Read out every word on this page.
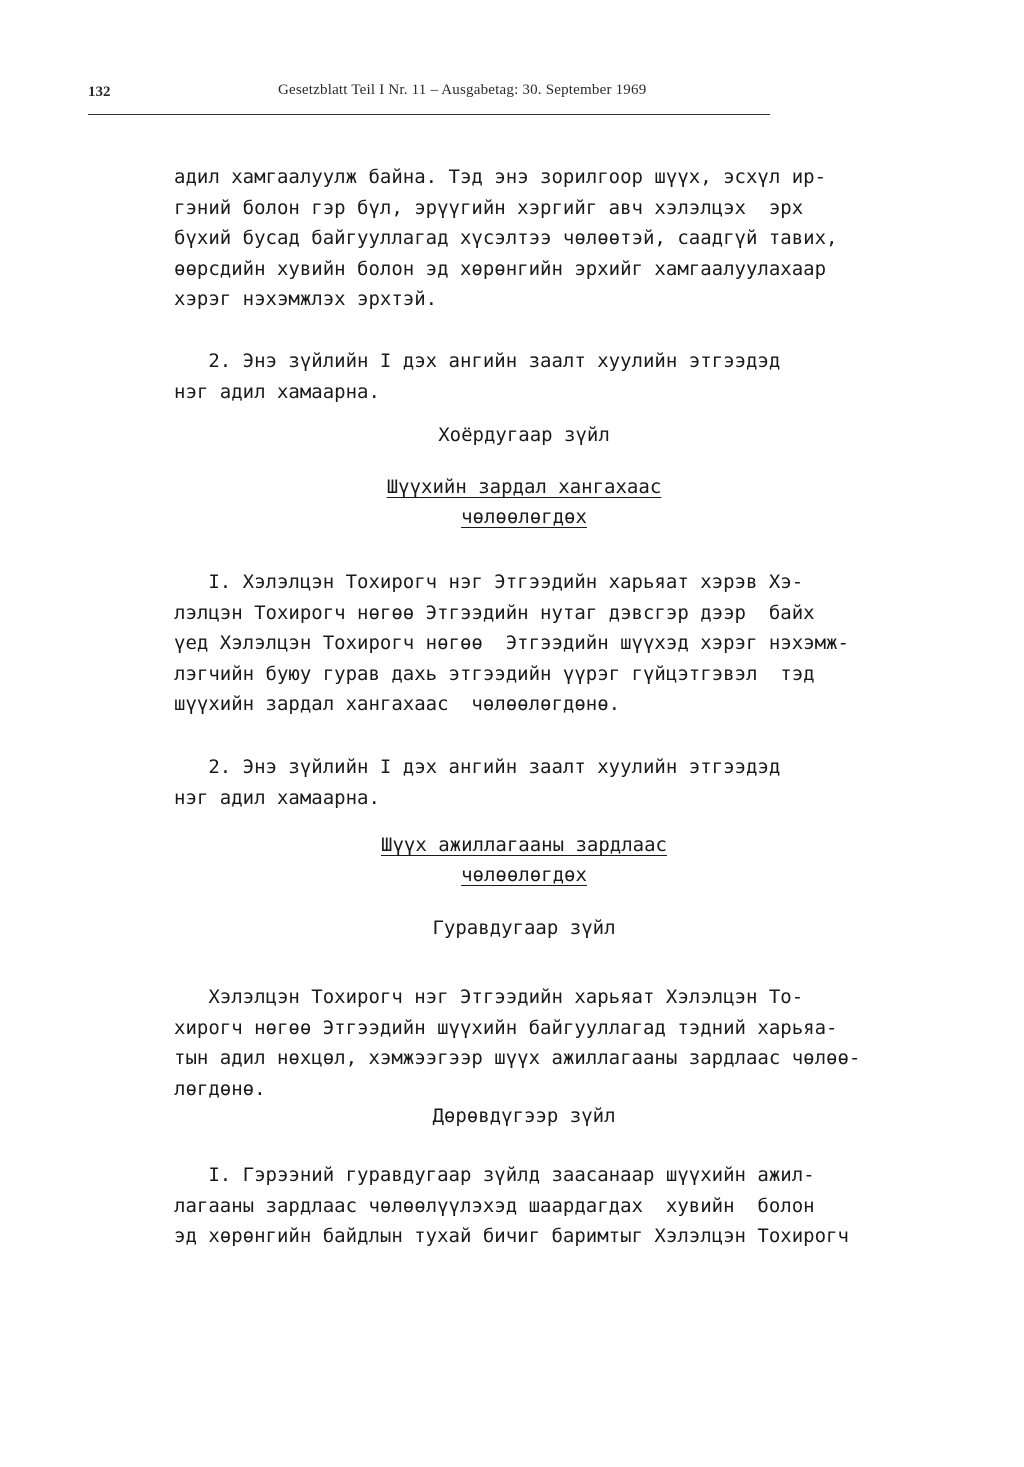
132	Gesetzblatt Teil I Nr. 11 – Ausgabetag: 30. September 1969
адил хамгаалуулж байна. Тэд энэ зорилгоор шүүх, эсхүл ир-
гэний болон гэр бүл, эрүүгийн хэргийг авч хэлэлцэх  эрх
бүхий бусад байгууллагад хүсэлтээ чөлөөтэй, саадгүй тавих,
өөрсдийн хувийн болон эд хөрөнгийн эрхийг хамгаалуулахаар
хэрэг нэхэмжлэх эрхтэй.
2. Энэ зүйлийн I дэх ангийн заалт хуулийн этгээдэд
нэг адил хамаарна.
Хоёрдугаар зүйл
Шүүхийн зардал хангахаас
чөлөөлөгдөх
I. Хэлэлцэн Тохирогч нэг Этгээдийн харьяат хэрэв Хэ-
лэлцэн Тохирогч нөгөө Этгээдийн нутаг дэвсгэр дээр  байх
үед Хэлэлцэн Тохирогч нөгөө  Этгээдийн шүүхэд хэрэг нэхэмж-
лэгчийн буюу гурав дахь этгээдийн үүрэг гүйцэтгэвэл  тэд
шүүхийн зардал хангахаас  чөлөөлөгдөнө.
2. Энэ зүйлийн I дэх ангийн заалт хуулийн этгээдэд
нэг адил хамаарна.
Шүүх ажиллагааны зардлаас
чөлөөлөгдөх
Гуравдугаар зүйл
Хэлэлцэн Тохирогч нэг Этгээдийн харьяат Хэлэлцэн То-
хирогч нөгөө Этгээдийн шүүхийн байгууллагад тэдний харьяа-
тын адил нөхцөл, хэмжээгээр шүүх ажиллагааны зардлаас чөлөө-
лөгдөнө.
Дөрөвдүгээр зүйл
I. Гэрээний гуравдугаар зүйлд заасанаар шүүхийн ажил-
лагааны зардлаас чөлөөлүүлэхэд шаардагдах  хувийн  болон
эд хөрөнгийн байдлын тухай бичиг баримтыг Хэлэлцэн Тохирогч
